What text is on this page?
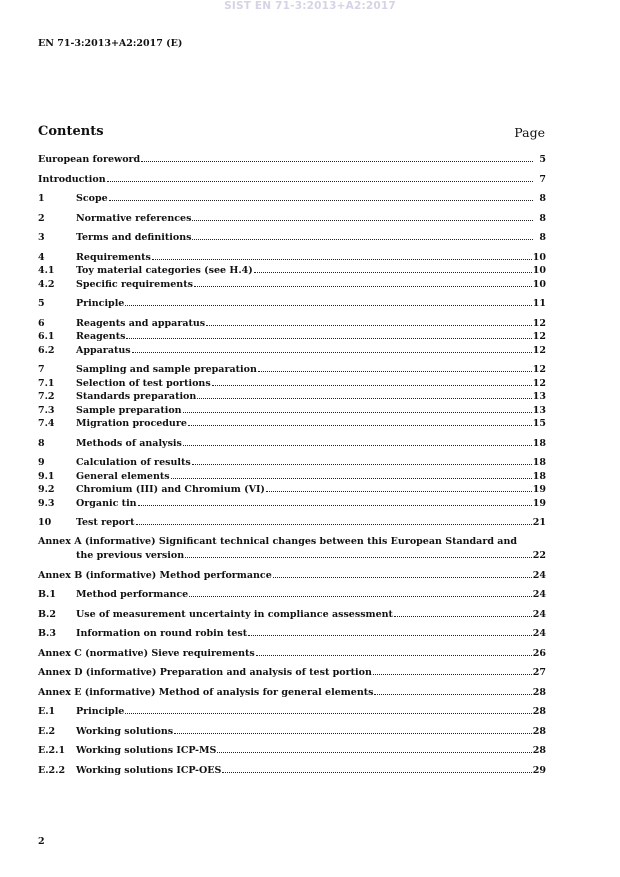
SIST EN 71-3:2013+A2:2017
EN 71-3:2013+A2:2017 (E)
Contents	Page
European foreword	5
Introduction	7
1	Scope	8
2	Normative references	8
3	Terms and definitions	8
4	Requirements	10
4.1	Toy material categories (see H.4)	10
4.2	Specific requirements	10
5	Principle	11
6	Reagents and apparatus	12
6.1	Reagents	12
6.2	Apparatus	12
7	Sampling and sample preparation	12
7.1	Selection of test portions	12
7.2	Standards preparation	13
7.3	Sample preparation	13
7.4	Migration procedure	15
8	Methods of analysis	18
9	Calculation of results	18
9.1	General elements	18
9.2	Chromium (III) and Chromium (VI)	19
9.3	Organic tin	19
10	Test report	21
Annex A (informative) Significant technical changes between this European Standard and
the previous version	22
Annex B (informative) Method performance	24
B.1	Method performance	24
B.2	Use of measurement uncertainty in compliance assessment	24
B.3	Information on round robin test	24
Annex C (normative) Sieve requirements	26
Annex D (informative) Preparation and analysis of test portion	27
Annex E (informative) Method of analysis for general elements	28
E.1	Principle	28
E.2	Working solutions	28
E.2.1	Working solutions ICP-MS	28
E.2.2	Working solutions ICP-OES	29
2
